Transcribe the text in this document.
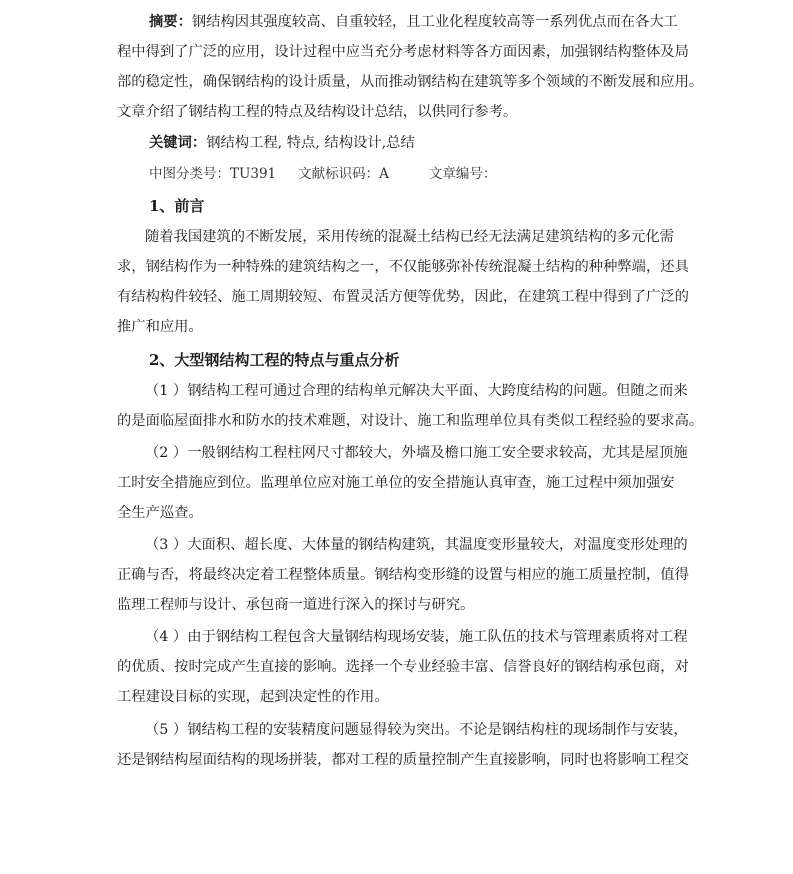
摘要：钢结构因其强度较高、自重较轻，且工业化程度较高等一系列优点而在各大工
程中得到了广泛的应用，设计过程中应当充分考虑材料等各方面因素，加强钢结构整体及局
部的稳定性，确保钢结构的设计质量，从而推动钢结构在建筑等多个领域的不断发展和应用。
文章介绍了钢结构工程的特点及结构设计总结，以供同行参考。
关键词：钢结构工程, 特点, 结构设计,总结
中图分类号：TU391 文献标识码：A	文章编号：
1、前言
随着我国建筑的不断发展，采用传统的混凝土结构已经无法满足建筑结构的多元化需
求，钢结构作为一种特殊的建筑结构之一，不仅能够弥补传统混凝土结构的种种弊端，还具
有结构构件较轻、施工周期较短、布置灵活方便等优势，因此，在建筑工程中得到了广泛的
推广和应用。
2、大型钢结构工程的特点与重点分析
（1 ）钢结构工程可通过合理的结构单元解决大平面、大跨度结构的问题。但随之而来
的是面临屋面排水和防水的技术难题，对设计、施工和监理单位具有类似工程经验的要求高。
（2 ）一般钢结构工程柱网尺寸都较大，外墙及檐口施工安全要求较高，尤其是屋顶施
工时安全措施应到位。监理单位应对施工单位的安全措施认真审查，施工过程中须加强安
全生产巡查。
（3 ）大面积、超长度、大体量的钢结构建筑，其温度变形量较大，对温度变形处理的
正确与否，将最终决定着工程整体质量。钢结构变形缝的设置与相应的施工质量控制，值得
监理工程师与设计、承包商一道进行深入的探讨与研究。
（4 ）由于钢结构工程包含大量钢结构现场安装，施工队伍的技术与管理素质将对工程
的优质、按时完成产生直接的影响。选择一个专业经验丰富、信誉良好的钢结构承包商，对
工程建设目标的实现，起到决定性的作用。
（5 ）钢结构工程的安装精度问题显得较为突出。不论是钢结构柱的现场制作与安装，
还是钢结构屋面结构的现场拼装，都对工程的质量控制产生直接影响，同时也将影响工程交
